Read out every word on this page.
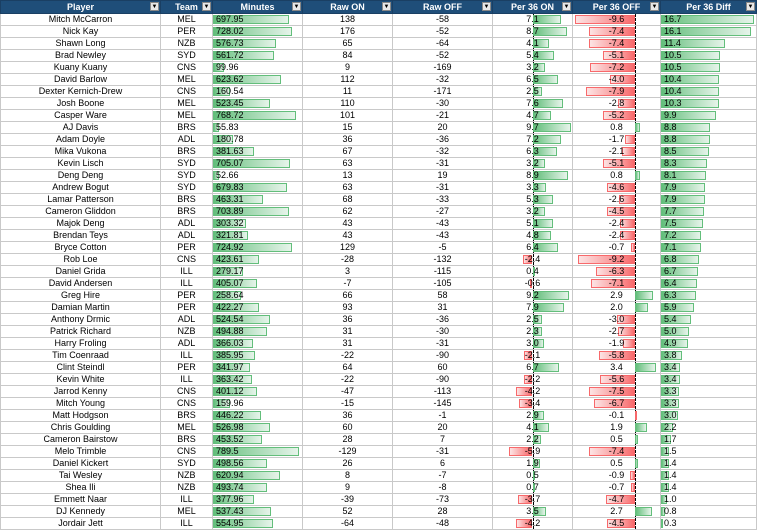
Player ▼	Team ▼	Minutes ▼	Raw ON ▼	Raw OFF ▼	Per 36 ON ▼	Per 36 OFF ▼	Per 36 Diff ▼

Mitch McCarron	MEL	697.95	138	-58	7.1	-9.6	16.7
Nick Kay	PER	728.02	176	-52	8.7	-7.4	16.1
Shawn Long	NZB	576.73	65	-64	4.1	-7.4	11.4
Brad Newley	SYD	561.72	84	-52	5.4	-5.1	10.5
Kuany Kuany	CNS	99.96	9	-169	3.2	-7.2	10.5
David Barlow	MEL	623.62	112	-32	6.5	-4.0	10.4
Dexter Kernich-Drew	CNS	160.54	11	-171	2.5	-7.9	10.4
Josh Boone	MEL	523.45	110	-30	7.6	-2.8	10.3
Casper Ware	MEL	768.72	101	-21	4.7	-5.2	9.9
AJ Davis	BRS	55.83	15	20	9.7	0.8	8.8
Adam Doyle	ADL	180.78	36	-36	7.2	-1.7	8.8
Mika Vukona	BRS	381.63	67	-32	6.3	-2.1	8.5
Kevin Lisch	SYD	705.07	63	-31	3.2	-5.1	8.3
Deng Deng	SYD	52.66	13	19	8.9	0.8	8.1
Andrew Bogut	SYD	679.83	63	-31	3.3	-4.6	7.9
Lamar Patterson	BRS	463.31	68	-33	5.3	-2.6	7.9
Cameron Gliddon	BRS	703.89	62	-27	3.2	-4.5	7.7
Majok Deng	ADL	303.32	43	-43	5.1	-2.4	7.5
Brendan Teys	ADL	321.81	43	-43	4.8	-2.4	7.2
Bryce Cotton	PER	724.92	129	-5	6.4	-0.7	7.1
Rob Loe	CNS	423.61	-28	-132	-2.4	-9.2	6.8
Daniel Grida	ILL	279.17	3	-115	0.4	-6.3	6.7
David Andersen	ILL	405.07	-7	-105	-0.6	-7.1	6.4
Greg Hire	PER	258.64	66	58	9.2	2.9	6.3
Damian Martin	PER	422.27	93	31	7.9	2.0	5.9
Anthony Drmic	ADL	524.54	36	-36	2.5	-3.0	5.4
Patrick Richard	NZB	494.88	31	-30	2.3	-2.7	5.0
Harry Froling	ADL	366.03	31	-31	3.0	-1.9	4.9
Tim Coenraad	ILL	385.95	-22	-90	-2.1	-5.8	3.8
Clint Steindl	PER	341.97	64	60	6.7	3.4	3.4
Kevin White	ILL	363.42	-22	-90	-2.2	-5.6	3.4
Jarrod Kenny	CNS	401.12	-47	-113	-4.2	-7.5	3.3
Mitch Young	CNS	159.96	-15	-145	-3.4	-6.7	3.3
Matt Hodgson	BRS	446.22	36	-1	2.9	-0.1	3.0
Chris Goulding	MEL	526.98	60	20	4.1	1.9	2.2
Cameron Bairstow	BRS	453.52	28	7	2.2	0.5	1.7
Melo Trimble	CNS	789.5	-129	-31	-5.9	-7.4	1.5
Daniel Kickert	SYD	498.56	26	6	1.9	0.5	1.4
Tai Wesley	NZB	620.94	8	-7	0.5	-0.9	1.4
Shea Ili	NZB	493.74	9	-8	0.7	-0.7	1.4
Emmett Naar	ILL	377.96	-39	-73	-3.7	-4.7	1.0
DJ Kennedy	MEL	537.43	52	28	3.5	2.7	0.8
Jordair Jett	ILL	554.95	-64	-48	-4.2	-4.5	0.3
